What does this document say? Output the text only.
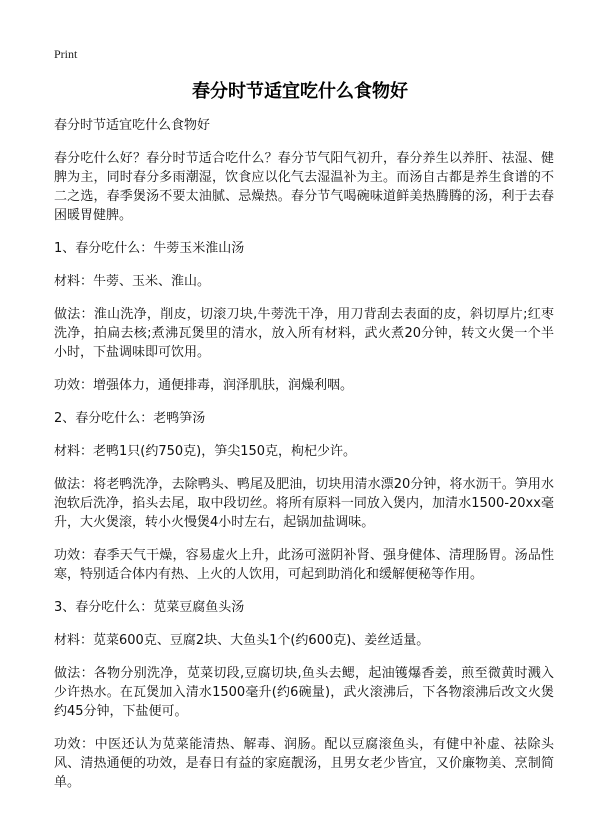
Print
春分时节适宜吃什么食物好

春分时节适宜吃什么食物好

春分吃什么好？春分时节适合吃什么？春分节气阳气初升，春分养生以养肝、祛湿、健脾为主，同时春分多雨潮湿，饮食应以化气去湿温补为主。而汤自古都是养生食谱的不二之选，春季煲汤不要太油腻、忌燥热。春分节气喝碗味道鲜美热腾腾的汤，利于去春困暖胃健脾。

1、春分吃什么：牛蒡玉米淮山汤

材料：牛蒡、玉米、淮山。

做法：淮山洗净，削皮，切滚刀块,牛蒡洗干净，用刀背刮去表面的皮，斜切厚片;红枣洗净，拍扁去核;煮沸瓦煲里的清水，放入所有材料，武火煮20分钟，转文火煲一个半小时，下盐调味即可饮用。

功效：增强体力，通便排毒，润泽肌肤，润燥利咽。

2、春分吃什么：老鸭笋汤

材料：老鸭1只(约750克)，笋尖150克，枸杞少许。

做法：将老鸭洗净，去除鸭头、鸭尾及肥油，切块用清水漂20分钟，将水沥干。笋用水泡软后洗净，掐头去尾，取中段切丝。将所有原料一同放入煲内，加清水1500-20xx毫升，大火煲滚，转小火慢煲4小时左右，起锅加盐调味。

功效：春季天气干燥，容易虚火上升，此汤可滋阴补肾、强身健体、清理肠胃。汤品性寒，特别适合体内有热、上火的人饮用，可起到助消化和缓解便秘等作用。

3、春分吃什么：苋菜豆腐鱼头汤

材料：苋菜600克、豆腐2块、大鱼头1个(约600克)、姜丝适量。

做法：各物分别洗净，苋菜切段,豆腐切块,鱼头去鳃，起油镬爆香姜，煎至微黄时溅入少许热水。在瓦煲加入清水1500毫升(约6碗量)，武火滚沸后，下各物滚沸后改文火煲约45分钟，下盐便可。

功效：中医还认为苋菜能清热、解毒、润肠。配以豆腐滚鱼头，有健中补虚、祛除头风、清热通便的功效，是春日有益的家庭靓汤，且男女老少皆宜，又价廉物美、烹制简单。
